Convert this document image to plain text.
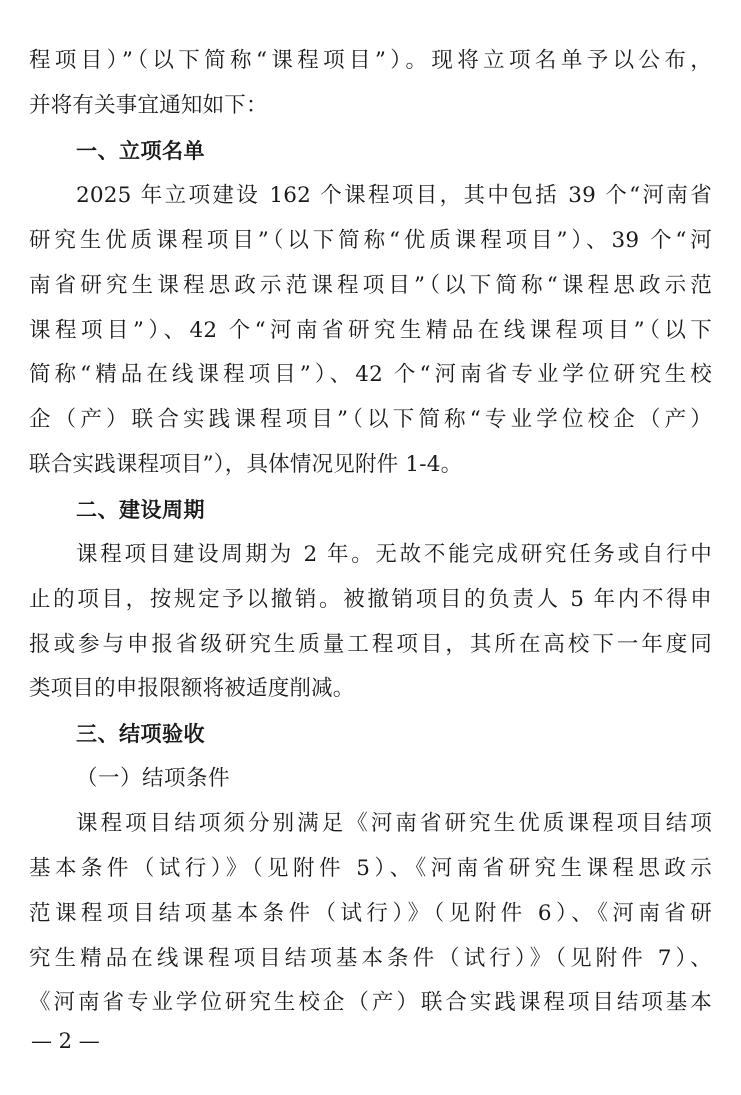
程项目）”（以下简称“课程项目”）。现将立项名单予以公布，
并将有关事宜通知如下：
一、立项名单
2025 年立项建设 162 个课程项目，其中包括 39 个“河南省
研究生优质课程项目”（以下简称“优质课程项目”）、39 个“河
南省研究生课程思政示范课程项目”（以下简称“课程思政示范
课程项目”）、42 个“河南省研究生精品在线课程项目”（以下
简称“精品在线课程项目”）、42 个“河南省专业学位研究生校
企（产）联合实践课程项目”（以下简称“专业学位校企（产）
联合实践课程项目”），具体情况见附件 1-4。
二、建设周期
课程项目建设周期为 2 年。无故不能完成研究任务或自行中
止的项目，按规定予以撤销。被撤销项目的负责人 5 年内不得申
报或参与申报省级研究生质量工程项目，其所在高校下一年度同
类项目的申报限额将被适度削减。
三、结项验收
（一）结项条件
课程项目结项须分别满足《河南省研究生优质课程项目结项
基本条件（试行）》（见附件 5）、《河南省研究生课程思政示
范课程项目结项基本条件（试行）》（见附件 6）、《河南省研
究生精品在线课程项目结项基本条件（试行）》（见附件 7）、
《河南省专业学位研究生校企（产）联合实践课程项目结项基本
— 2 —
